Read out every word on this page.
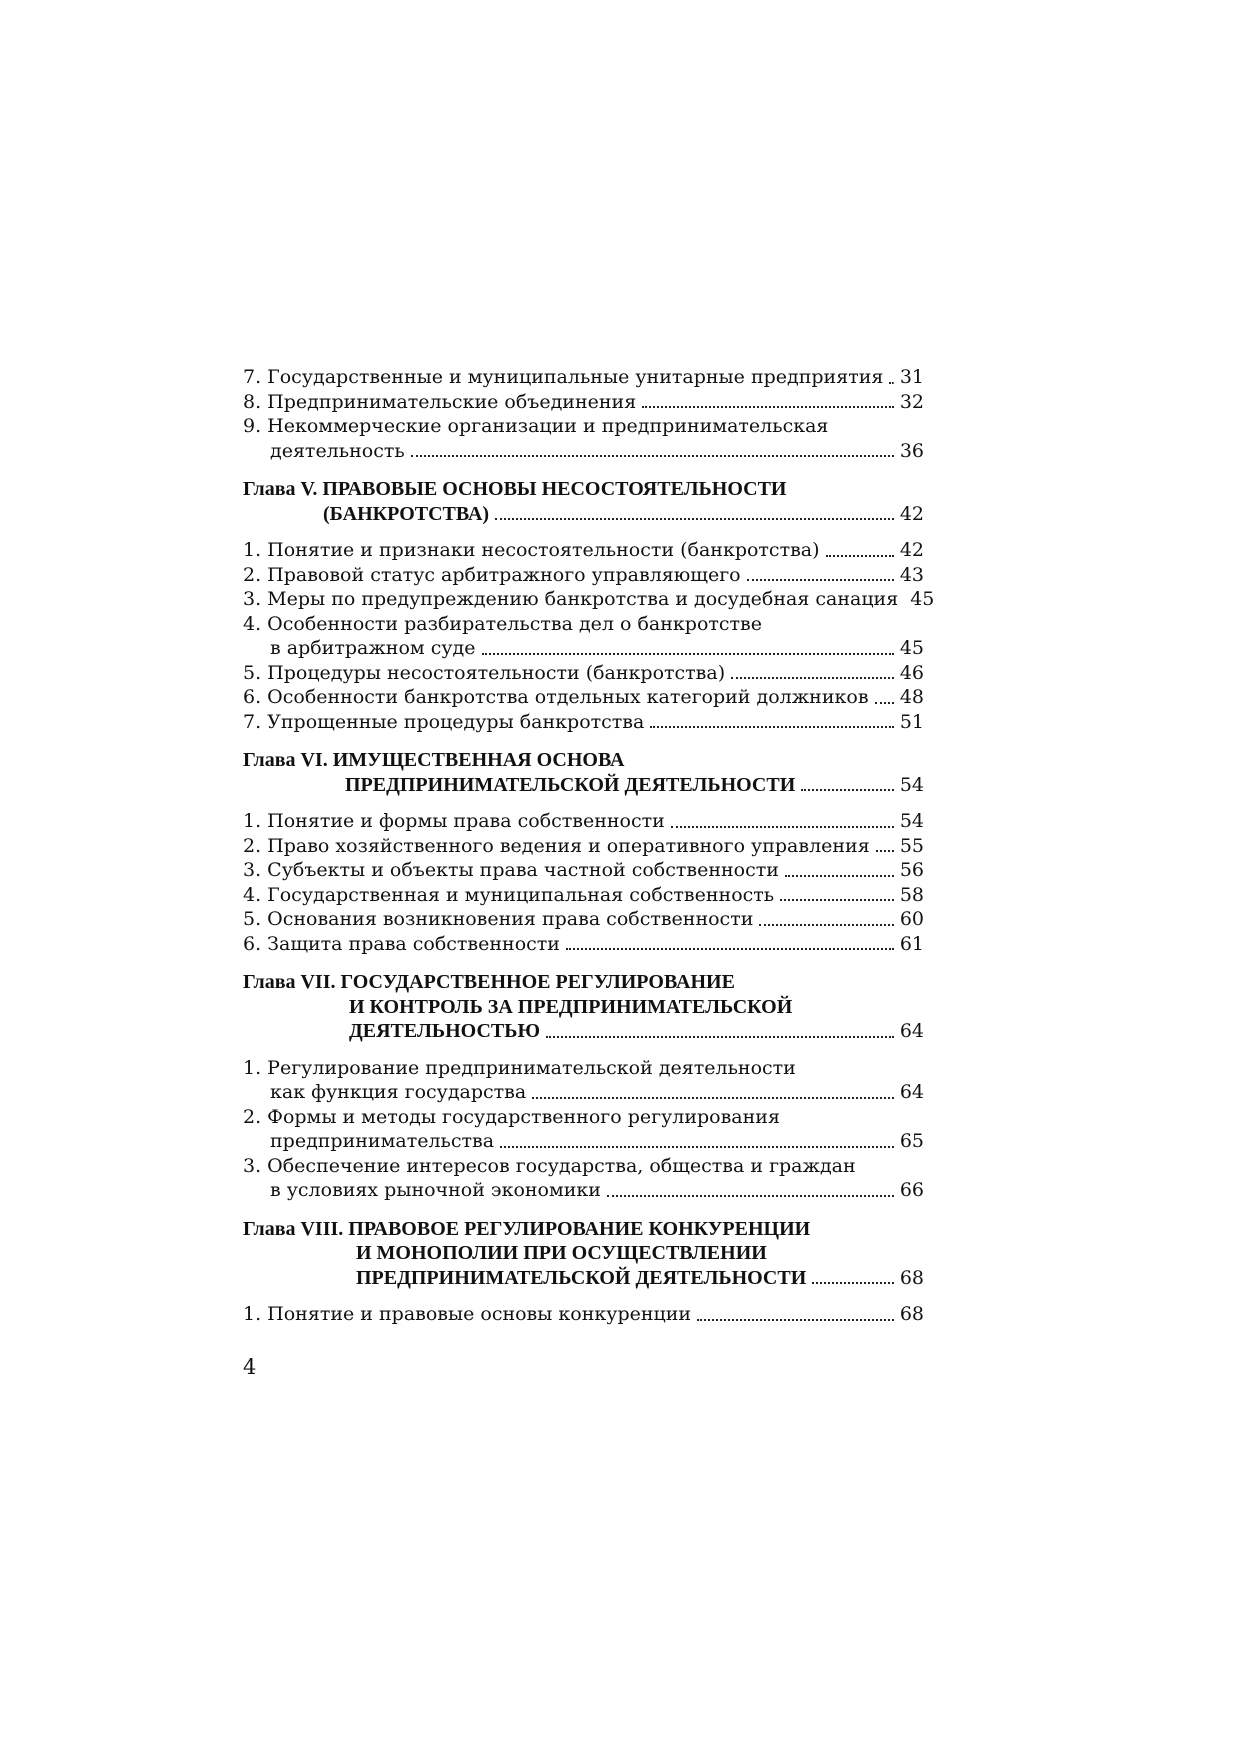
7. Государственные и муниципальные унитарные предприятия 31
8. Предпринимательские объединения	32
9. Некоммерческие организации и предпринимательская
деятельность	36
Глава V. ПРАВОВЫЕ ОСНОВЫ НЕСОСТОЯТЕЛЬНОСТИ
(БАНКРОТСТВА)	42
1. Понятие и признаки несостоятельности (банкротства)	42
2. Правовой статус арбитражного управляющего	43
3. Меры по предупреждению банкротства и досудебная санация 45
4. Особенности разбирательства дел о банкротстве
в арбитражном суде	45
5. Процедуры несостоятельности (банкротства)	46
6. Особенности банкротства отдельных категорий должников 48
7. Упрощенные процедуры банкротства	51
Глава VI. ИМУЩЕСТВЕННАЯ ОСНОВА
ПРЕДПРИНИМАТЕЛЬСКОЙ ДЕЯТЕЛЬНОСТИ	54
1. Понятие и формы права собственности	54
2. Право хозяйственного ведения и оперативного управления 55
3. Субъекты и объекты права частной собственности	56
4. Государственная и муниципальная собственность	58
5. Основания возникновения права собственности	60
6. Защита права собственности	61
Глава VII. ГОСУДАРСТВЕННОЕ РЕГУЛИРОВАНИЕ
И КОНТРОЛЬ ЗА ПРЕДПРИНИМАТЕЛЬСКОЙ
ДЕЯТЕЛЬНОСТЬЮ	64
1. Регулирование предпринимательской деятельности
как функция государства	64
2. Формы и методы государственного регулирования
предпринимательства	65
3. Обеспечение интересов государства, общества и граждан
в условиях рыночной экономики	66
Глава VIII. ПРАВОВОЕ РЕГУЛИРОВАНИЕ КОНКУРЕНЦИИ
И МОНОПОЛИИ ПРИ ОСУЩЕСТВЛЕНИИ
ПРЕДПРИНИМАТЕЛЬСКОЙ ДЕЯТЕЛЬНОСТИ	68
1. Понятие и правовые основы конкуренции	68
4
